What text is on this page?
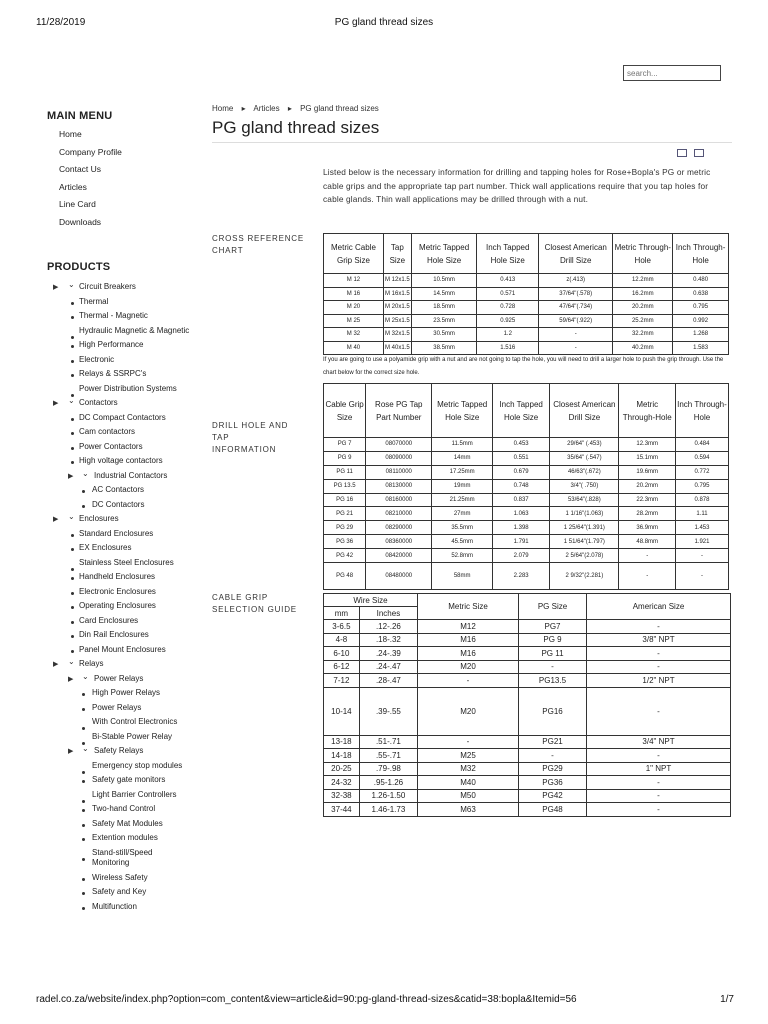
11/28/2019	PG gland thread sizes
search...
MAIN MENU
Home
Company Profile
Contact Us
Articles
Line Card
Downloads
PRODUCTS
▶ ⌄ Circuit Breakers
Thermal
Thermal - Magnetic
Hydraulic Magnetic & Magnetic
High Performance
Electronic
Relays & SSRPC's
Power Distribution Systems
▶ ⌄ Contactors
DC Compact Contactors
Cam contactors
Power Contactors
High voltage contactors
▶ ⌄ Industrial Contactors
AC Contactors
DC Contactors
▶ ⌄ Enclosures
Standard Enclosures
EX Enclosures
Stainless Steel Enclosures
Handheld Enclosures
Electronic Enclosures
Operating Enclosures
Card Enclosures
Din Rail Enclosures
Panel Mount Enclosures
▶ ⌄ Relays
▶ ⌄ Power Relays
High Power Relays
Power Relays
With Control Electronics
Bi-Stable Power Relay
▶ ⌄ Safety Relays
Emergency stop modules
Safety gate monitors
Light Barrier Controllers
Two-hand Control
Safety Mat Modules
Extention modules
Stand-still/Speed Monitoring
Wireless Safety
Safety and Key
Multifunction
Home ▸ Articles ▸ PG gland thread sizes
PG gland thread sizes

Listed below is the necessary information for drilling and tapping holes for Rose+Bopla's PG or metric cable grips and the appropriate tap part number. Thick wall applications require that you tap holes for cable glands. Thin wall applications may be drilled through with a nut.

CROSS REFERENCE CHART
DRILL HOLE AND TAP INFORMATION
CABLE GRIP SELECTION GUIDE
Metric Cable Grip Size	Tap Size	Metric Tapped Hole Size	Inch Tapped Hole Size	Closest American Drill Size	Metric Through-Hole	Inch Through-Hole
M 12	M 12x1.5	10.5mm	0.413	z(.413)	12.2mm	0.480
M 16	M 16x1.5	14.5mm	0.571	37/64"(.578)	16.2mm	0.638
M 20	M 20x1.5	18.5mm	0.728	47/64"(.734)	20.2mm	0.795
M 25	M 25x1.5	23.5mm	0.925	59/64"(.922)	25.2mm	0.992
M 32	M 32x1.5	30.5mm	1.2	-	32.2mm	1.268
M 40	M 40x1.5	38.5mm	1.516	-	40.2mm	1.583
If you are going to use a polyamide grip with a nut and are not going to tap the hole, you will need to drill a larger hole to push the grip through. Use the chart below for the correct size hole.
Cable Grip Size	Rose PG Tap Part Number	Metric Tapped Hole Size	Inch Tapped Hole Size	Closest American Drill Size	Metric Through-Hole	Inch Through-Hole
PG 7	08070000	11.5mm	0.453	29/64" (.453)	12.3mm	0.484
PG 9	08090000	14mm	0.551	35/64" (.547)	15.1mm	0.594
PG 11	08110000	17.25mm	0.679	46/63"(.672)	19.6mm	0.772
PG 13.5	08130000	19mm	0.748	3/4"( .750)	20.2mm	0.795
PG 16	08160000	21.25mm	0.837	53/64"(.828)	22.3mm	0.878
PG 21	08210000	27mm	1.063	1 1/16"(1.063)	28.2mm	1.11
PG 29	08290000	35.5mm	1.398	1 25/64"(1.391)	36.9mm	1.453
PG 36	08360000	45.5mm	1.791	1 51/64"(1.797)	48.8mm	1.921
PG 42	08420000	52.8mm	2.079	2 5/64"(2.078)	-	-
PG 48	08480000	58mm	2.283	2 9/32"(2.281)	-	-
Wire Size		Metric Size	PG Size	American Size
mm	Inches			
3-6.5	.12-.26	M12	PG7	-
4-8	.18-.32	M16	PG 9	3/8" NPT
6-10	.24-.39	M16	PG 11	-
6-12	.24-.47	M20	-	-
7-12	.28-.47	-	PG13.5	1/2" NPT
10-14	.39-.55	M20	PG16	-
13-18	.51-.71	-	PG21	3/4" NPT
14-18	.55-.71	M25	-	-
20-25	.79-.98	M32	PG29	1" NPT
24-32	.95-1.26	M40	PG36	-
32-38	1.26-1.50	M50	PG42	-
37-44	1.46-1.73	M63	PG48	-
radel.co.za/website/index.php?option=com_content&view=article&id=90:pg-gland-thread-sizes&catid=38:bopla&Itemid=56	1/7
